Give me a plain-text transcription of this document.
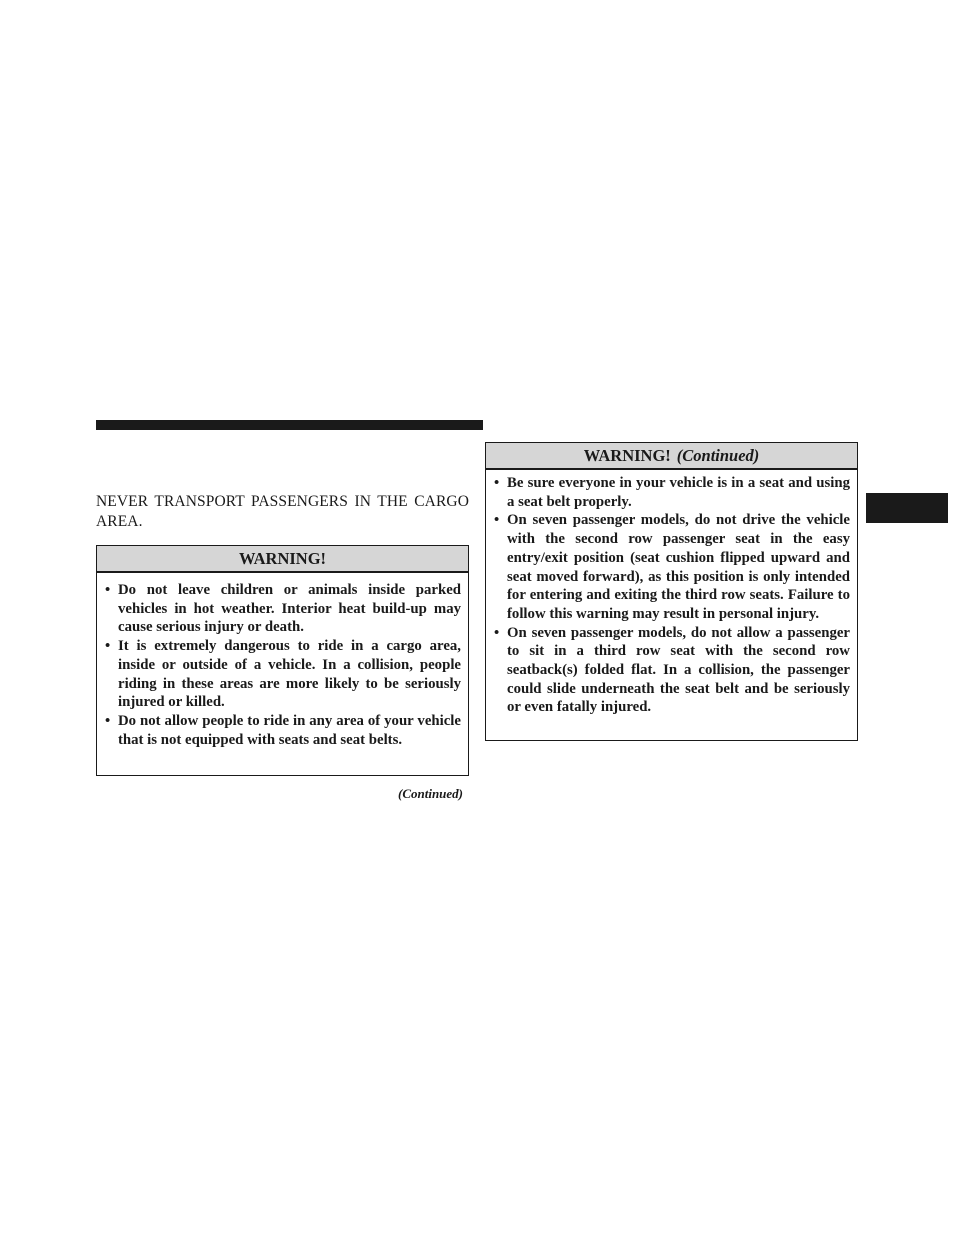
NEVER TRANSPORT PASSENGERS IN THE CARGO AREA.

WARNING!
• Do not leave children or animals inside parked vehicles in hot weather. Interior heat build-up may cause serious injury or death.
• It is extremely dangerous to ride in a cargo area, inside or outside of a vehicle. In a collision, people riding in these areas are more likely to be seriously injured or killed.
• Do not allow people to ride in any area of your vehicle that is not equipped with seats and seat belts.
(Continued)
WARNING! (Continued)
• Be sure everyone in your vehicle is in a seat and using a seat belt properly.
• On seven passenger models, do not drive the vehicle with the second row passenger seat in the easy entry/exit position (seat cushion flipped upward and seat moved forward), as this position is only intended for entering and exiting the third row seats. Failure to follow this warning may result in personal injury.
• On seven passenger models, do not allow a passenger to sit in a third row seat with the second row seatback(s) folded flat. In a collision, the passenger could slide underneath the seat belt and be seriously or even fatally injured.
